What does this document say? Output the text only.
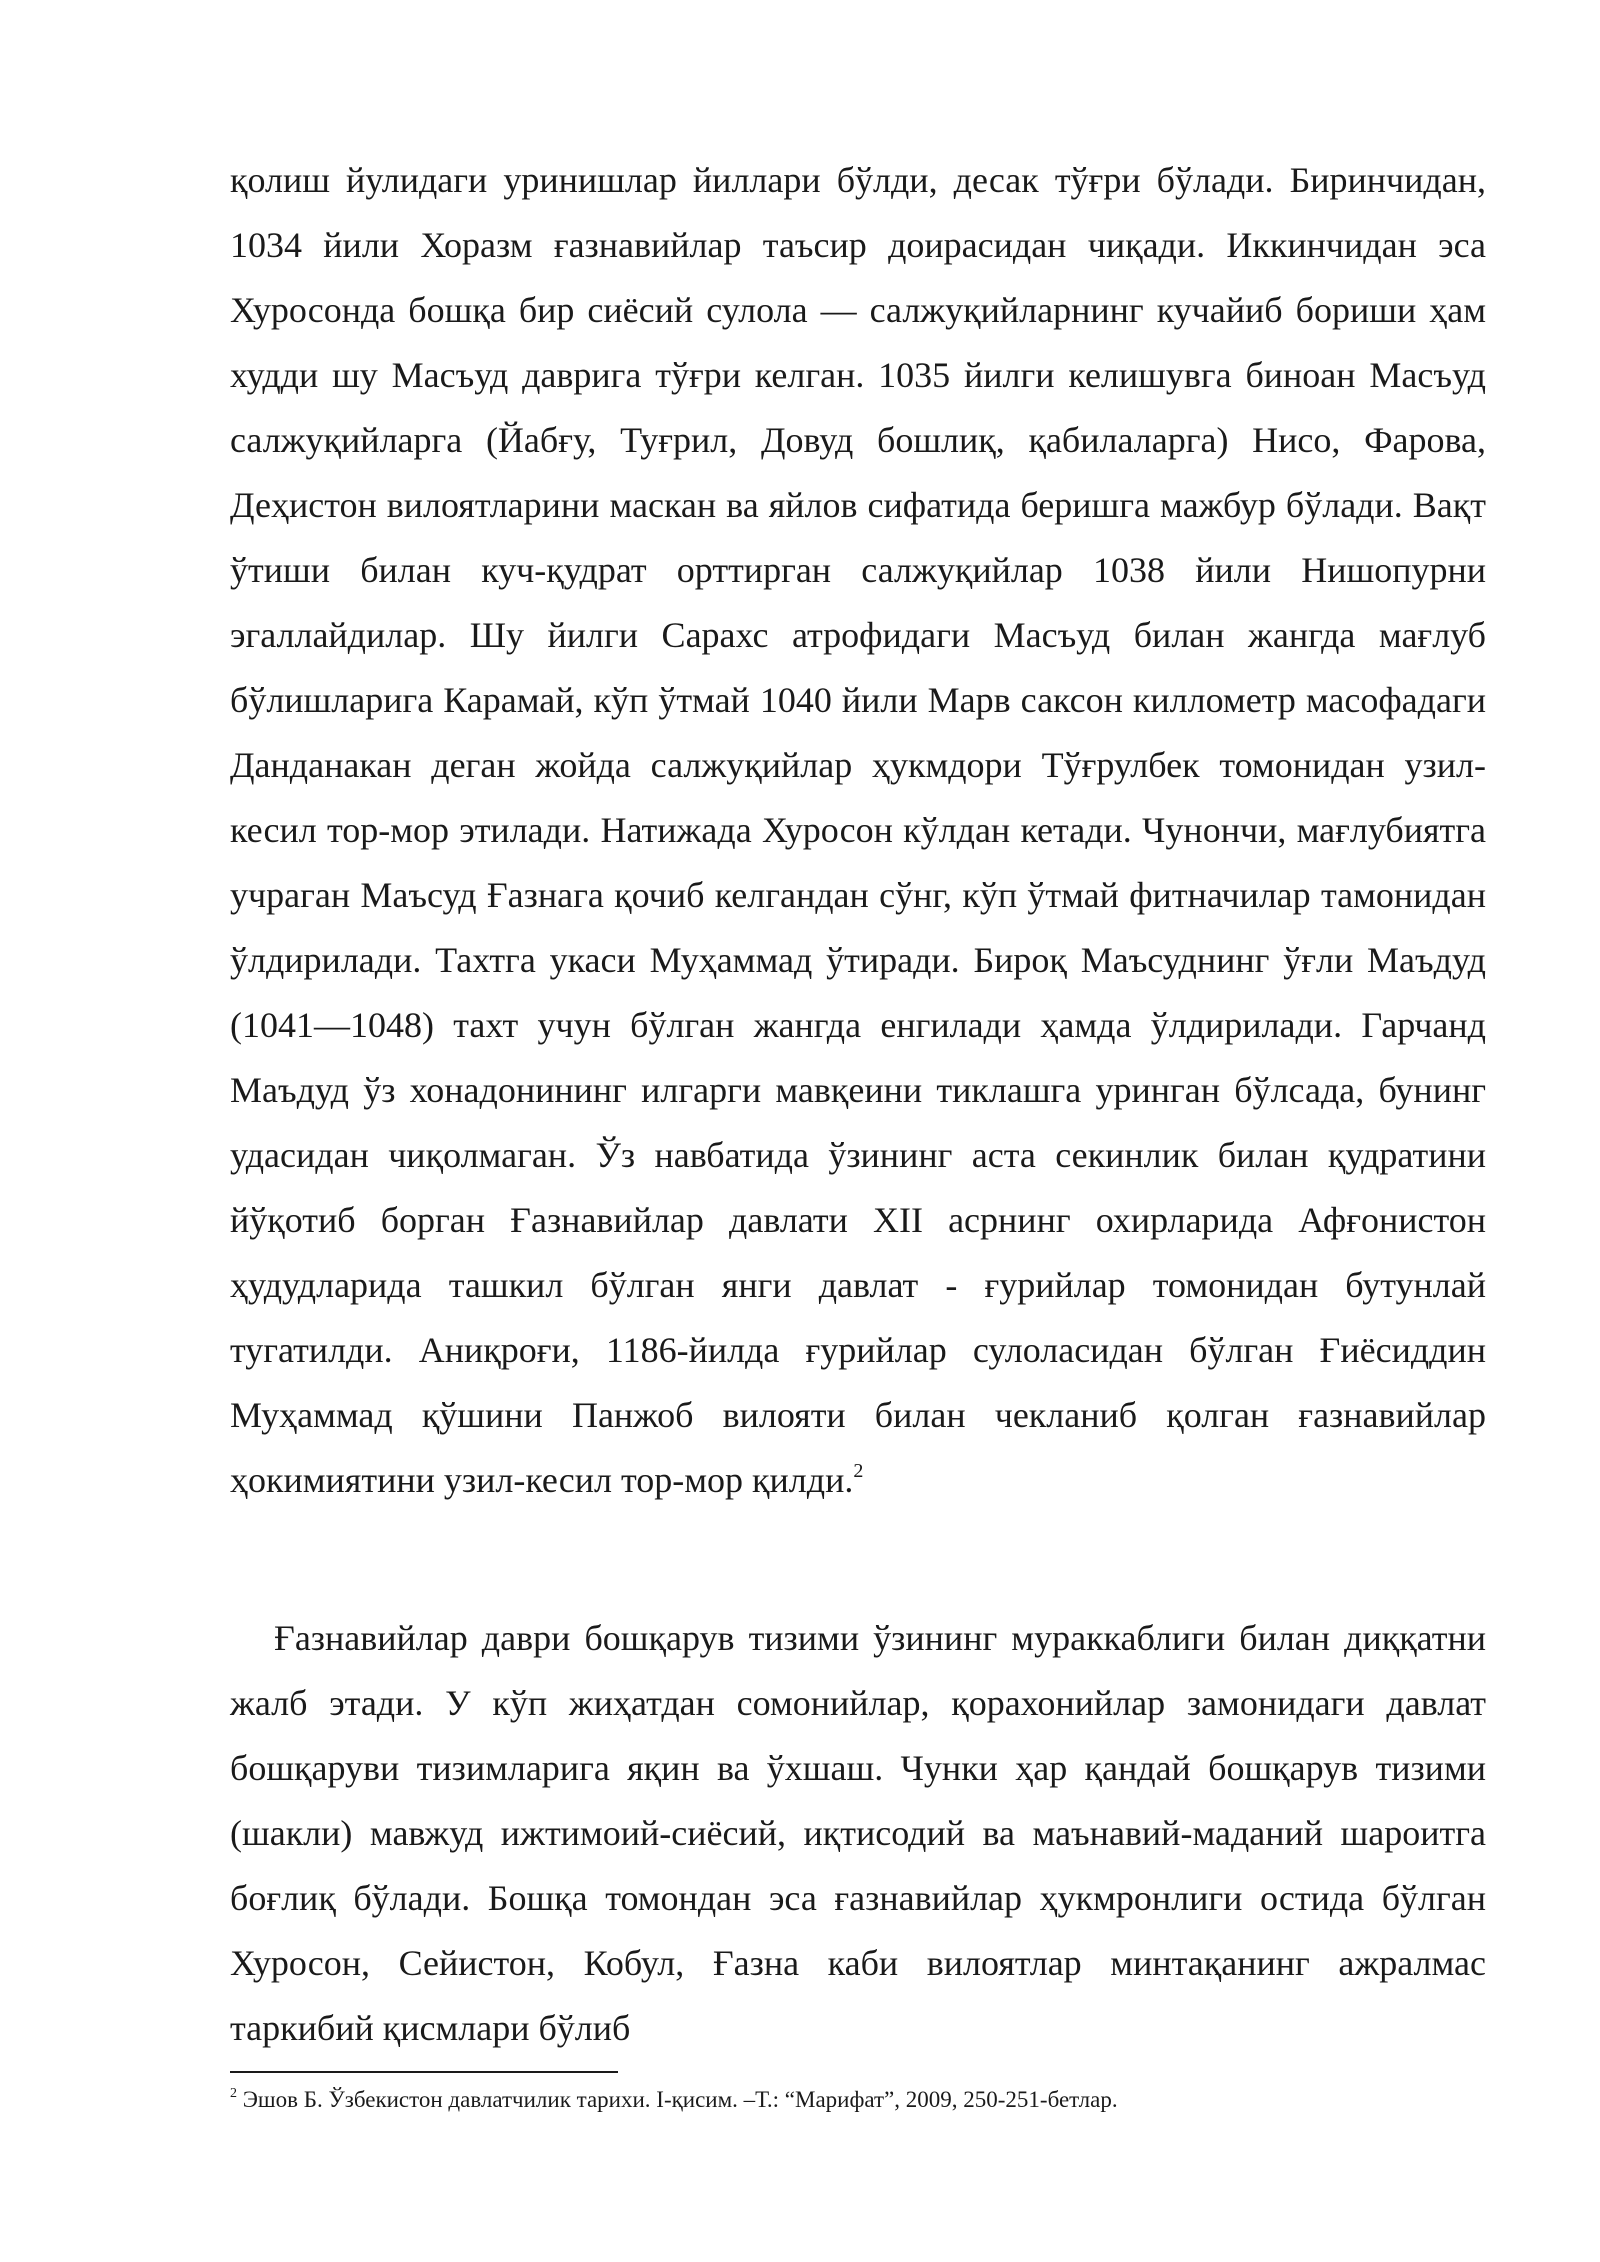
қолиш йулидаги уринишлар йиллари бўлди, десак тўғри бўлади. Биринчидан, 1034 йили Хоразм ғазнавийлар таъсир доирасидан чиқади. Иккинчидан эса Хуросонда бошқа бир сиёсий сулола — салжуқийларнинг кучайиб бориши ҳам худди шу Масъуд даврига тўғри келган. 1035 йилги келишувга биноан Масъуд салжуқийларга (Йабғу, Туғрил, Довуд бошлиқ, қабилаларга) Нисо, Фарова, Деҳистон вилоятларини маскан ва яйлов сифатида беришга мажбур бўлади. Вақт ўтиши билан куч-қудрат орттирган салжуқийлар 1038 йили Нишопурни эгаллайдилар. Шу йилги Сарахс атрофидаги Масъуд билан жангда мағлуб бўлишларига Карамай, кўп ўтмай 1040 йили Марв саксон киллометр масофадаги Данданакан деган жойда салжуқийлар ҳукмдори Тўғрулбек томонидан узил-кесил тор-мор этилади. Натижада Хуросон кўлдан кетади. Чунончи, мағлубиятга учраган Маъсуд Ғазнага қочиб келгандан сўнг, кўп ўтмай фитначилар тамонидан ўлдирилади. Тахтга укаси Муҳаммад ўтиради. Бироқ Маъсуднинг ўғли Маъдуд (1041—1048) тахт учун бўлган жангда енгилади ҳамда ўлдирилади. Гарчанд Маъдуд ўз хонадонининг илгарги мавқеини тиклашга уринган бўлсада, бунинг удасидан чиқолмаган. Ўз навбатида ўзининг аста секинлик билан қудратини йўқотиб борган Ғазнавийлар давлати XII асрнинг охирларида Афғонистон ҳудудларида ташкил бўлган янги давлат - ғурийлар томонидан бутунлай тугатилди. Аниқроғи, 1186-йилда ғурийлар сулоласидан бўлган Ғиёсиддин Муҳаммад қўшини Панжоб вилояти билан чекланиб қолган ғазнавийлар ҳокимиятини узил-кесил тор-мор қилди.$^2$

Ғазнавийлар даври бошқарув тизими ўзининг мураккаблиги билан диққатни жалб этади. У кўп жиҳатдан сомонийлар, қорахонийлар замонидаги давлат бошқаруви тизимларига яқин ва ўхшаш. Чунки ҳар қандай бошқарув тизими (шакли) мавжуд ижтимоий-сиёсий, иқтисодий ва маънавий-маданий шароитга боғлиқ бўлади. Бошқа томондан эса ғазнавийлар ҳукмронлиги остида бўлган Хуросон, Сейистон, Кобул, Ғазна каби вилоятлар минтақанинг ажралмас таркибий қисмлари бўлиб

$^2$ Эшов Б. Ўзбекистон давлатчилик тарихи. I-қисим. –Т.: “Марифат”, 2009, 250-251-бетлар.
